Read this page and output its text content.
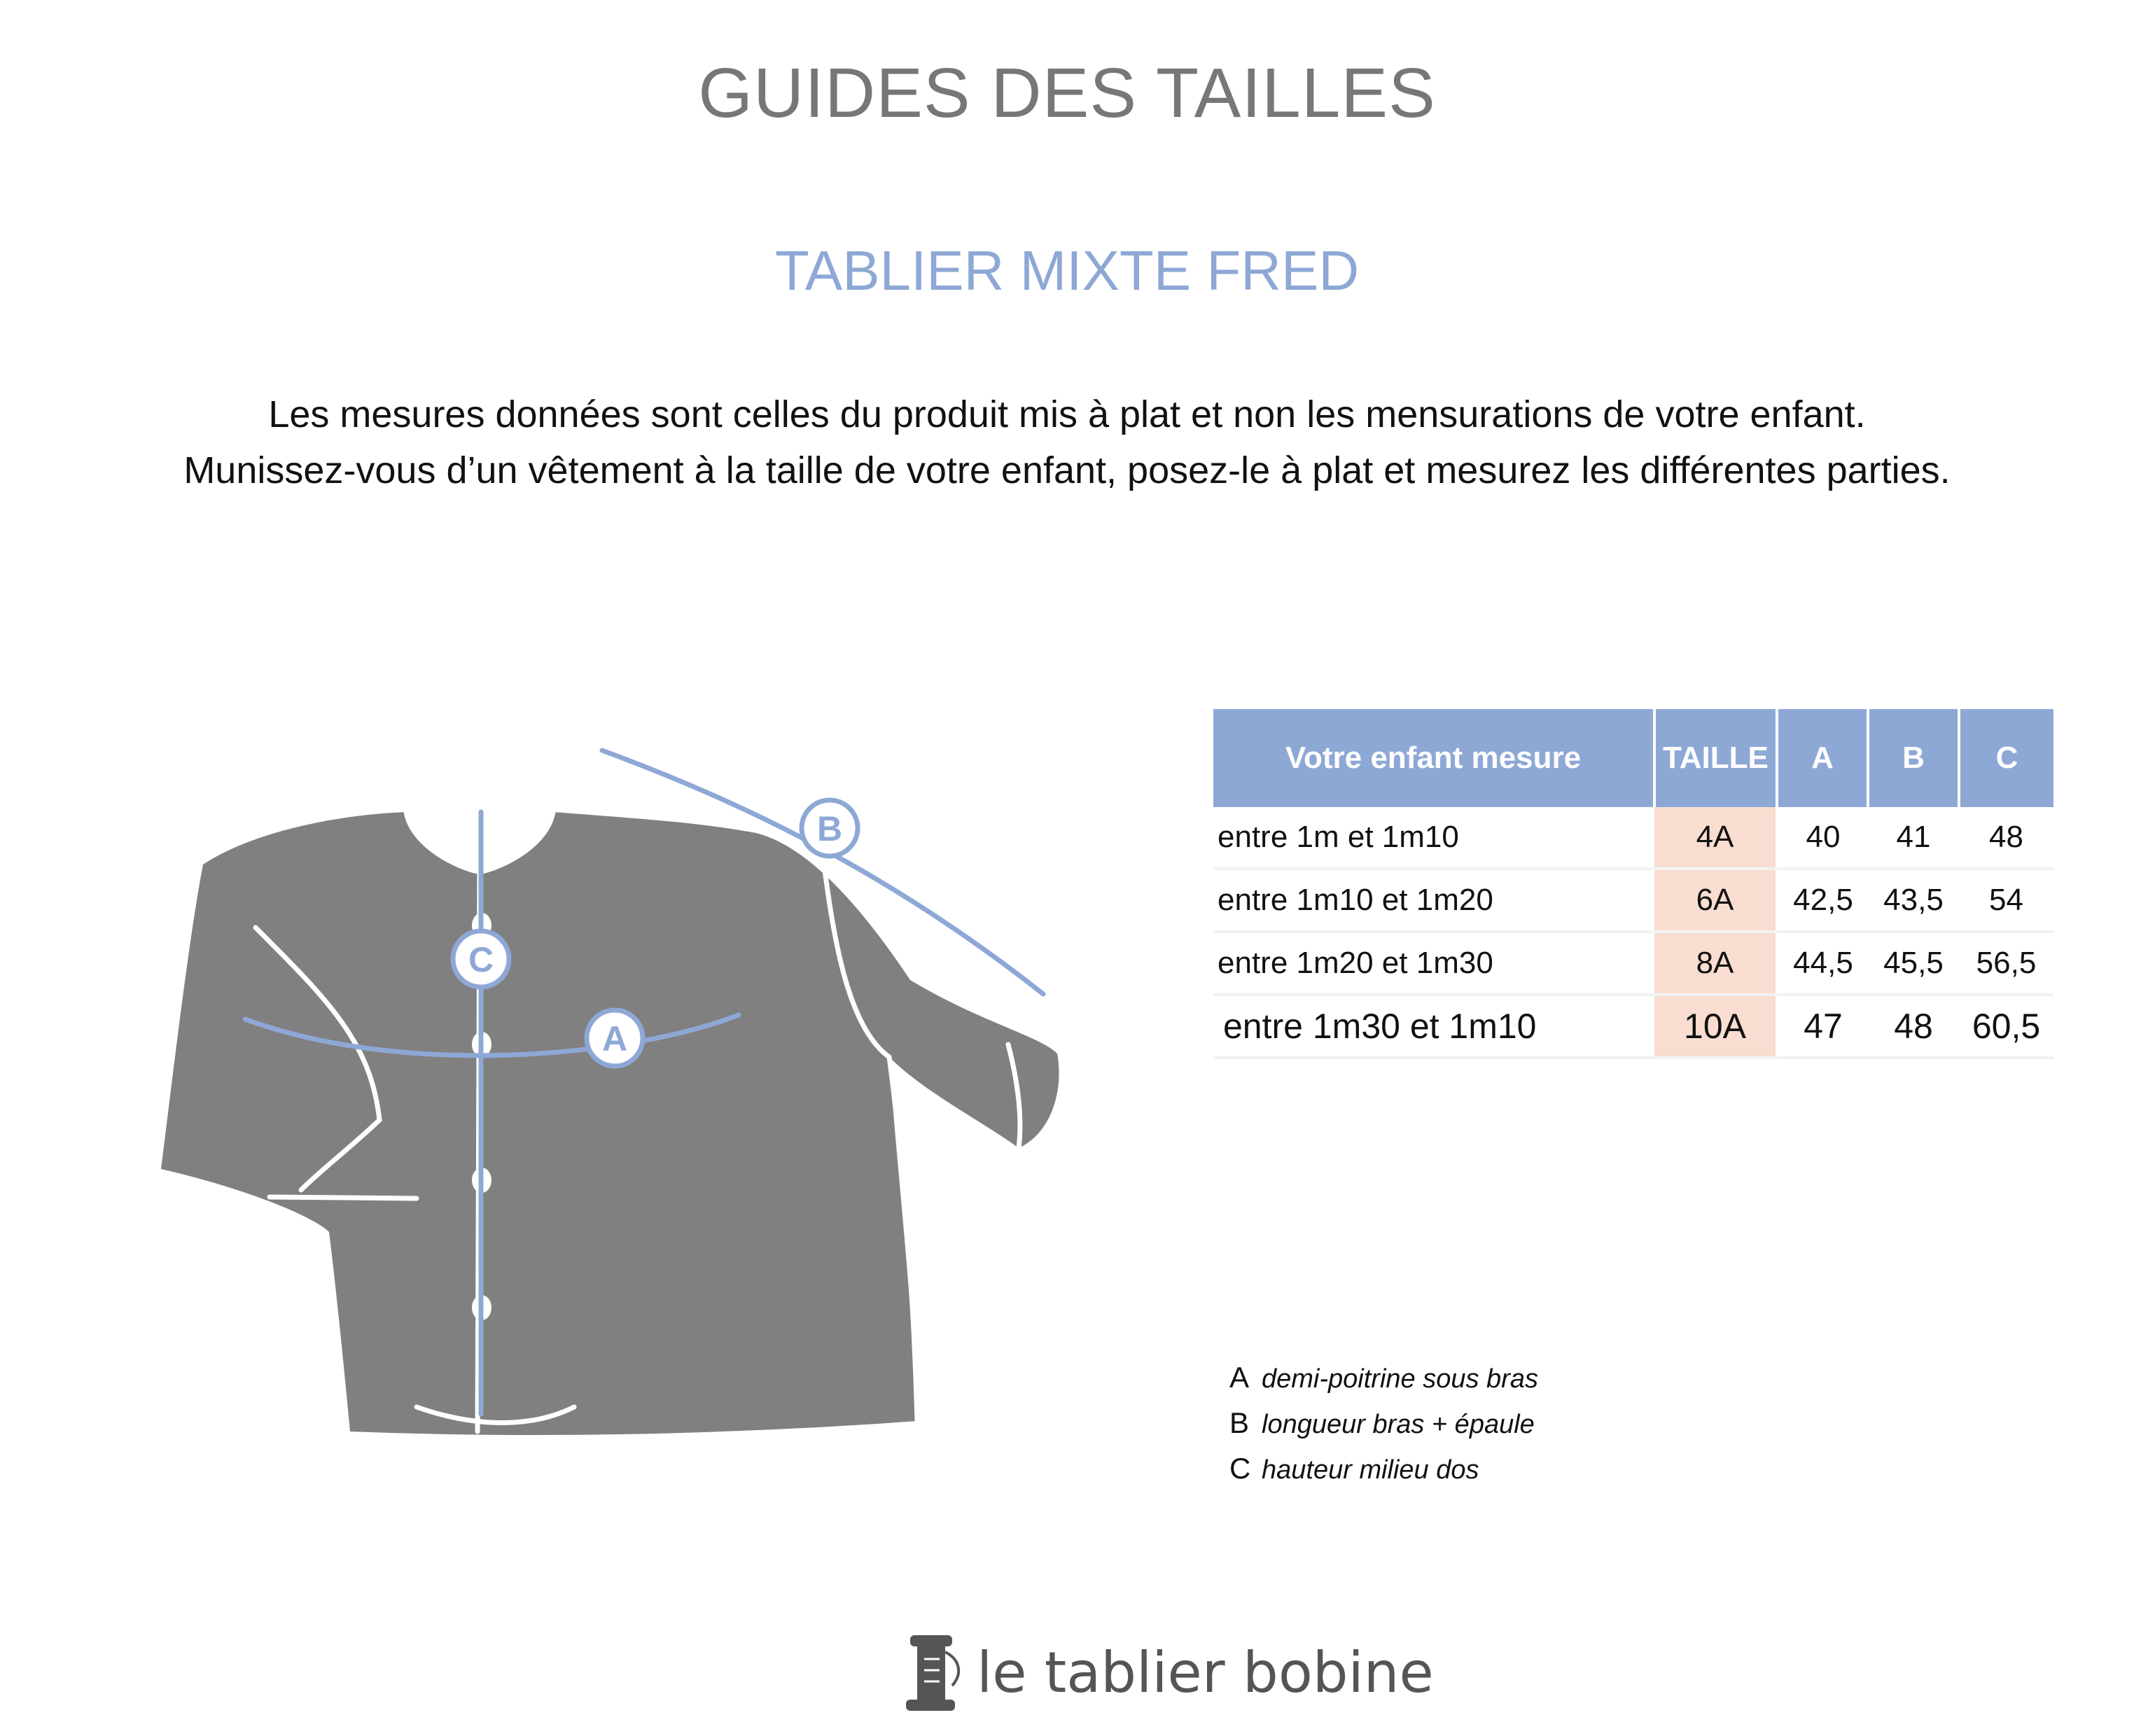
GUIDES DES TAILLES
TABLIER MIXTE FRED
Les mesures données sont celles du produit mis à plat et non les mensurations de votre enfant.
Munissez-vous d’un vêtement à la taille de votre enfant, posez-le à plat et mesurez les différentes parties.
A
B
C
Votre enfant mesure	TAILLE	A	B	C
entre 1m et 1m10	4A	40	41	48
entre 1m10 et 1m20	6A	42,5	43,5	54
entre 1m20 et 1m30	8A	44,5	45,5	56,5
entre 1m30 et 1m10	10A	47	48	60,5
A demi-poitrine sous bras
B longueur bras + épaule
C hauteur milieu dos
le tablier bobine
